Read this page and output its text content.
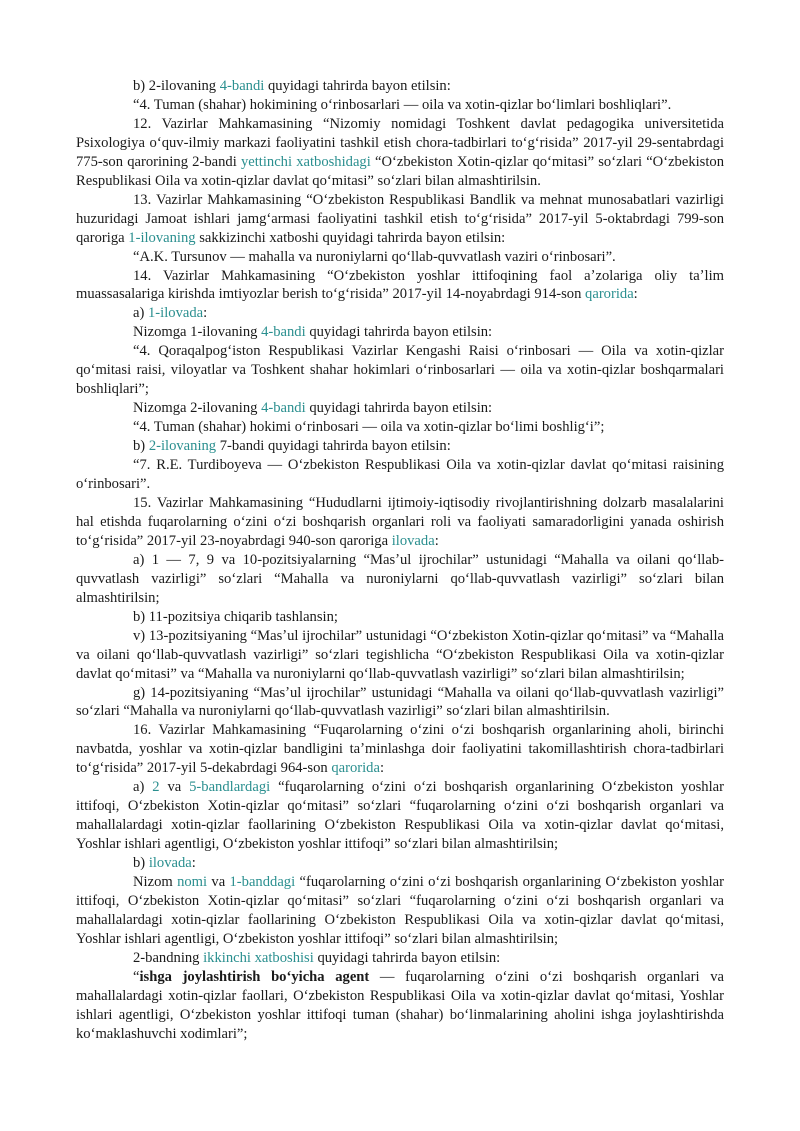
b) 2-ilovaning 4-bandi quyidagi tahrirda bayon etilsin:

“4. Tuman (shahar) hokimining oʻrinbosarlari — oila va xotin-qizlar boʻlimlari boshliqlari”.

12. Vazirlar Mahkamasining “Nizomiy nomidagi Toshkent davlat pedagogika universitetida Psixologiya oʻquv-ilmiy markazi faoliyatini tashkil etish chora-tadbirlari toʻgʻrisida” 2017-yil 29-sentabrdagi 775-son qarorining 2-bandi yettinchi xatboshidagi “Oʻzbekiston Xotin-qizlar qoʻmitasi” soʻzlari “Oʻzbekiston Respublikasi Oila va xotin-qizlar davlat qoʻmitasi” soʻzlari bilan almashtirilsin.

13. Vazirlar Mahkamasining “Oʻzbekiston Respublikasi Bandlik va mehnat munosabatlari vazirligi huzuridagi Jamoat ishlari jamgʻarmasi faoliyatini tashkil etish toʻgʻrisida” 2017-yil 5-oktabrdagi 799-son qaroriga 1-ilovaning sakkizinchi xatboshi quyidagi tahrirda bayon etilsin:

“A.K. Tursunov — mahalla va nuroniylarni qoʻllab-quvvatlash vaziri oʻrinbosari”.

14. Vazirlar Mahkamasining “Oʻzbekiston yoshlar ittifoqining faol aʼzolariga oliy taʼlim muassasalariga kirishda imtiyozlar berish toʻgʻrisida” 2017-yil 14-noyabrdagi 914-son qarorida:

a) 1-ilovada:

Nizomga 1-ilovaning 4-bandi quyidagi tahrirda bayon etilsin:

“4. Qoraqalpogʻiston Respublikasi Vazirlar Kengashi Raisi oʻrinbosari — Oila va xotin-qizlar qoʻmitasi raisi, viloyatlar va Toshkent shahar hokimlari oʻrinbosarlari — oila va xotin-qizlar boshqarmalari boshliqlari”;

Nizomga 2-ilovaning 4-bandi quyidagi tahrirda bayon etilsin:

“4. Tuman (shahar) hokimi oʻrinbosari — oila va xotin-qizlar boʻlimi boshligʻi”;

b) 2-ilovaning 7-bandi quyidagi tahrirda bayon etilsin:

“7. R.E. Turdiboyeva — Oʻzbekiston Respublikasi Oila va xotin-qizlar davlat qoʻmitasi raisining oʻrinbosari”.

15. Vazirlar Mahkamasining “Hududlarni ijtimoiy-iqtisodiy rivojlantirishning dolzarb masalalarini hal etishda fuqarolarning oʻzini oʻzi boshqarish organlari roli va faoliyati samaradorligini yanada oshirish toʻgʻrisida” 2017-yil 23-noyabrdagi 940-son qaroriga ilovada:

a) 1 — 7, 9 va 10-pozitsiyalarning “Masʼul ijrochilar” ustunidagi “Mahalla va oilani qoʻllab-quvvatlash vazirligi” soʻzlari “Mahalla va nuroniylarni qoʻllab-quvvatlash vazirligi” soʻzlari bilan almashtirilsin;

b) 11-pozitsiya chiqarib tashlansin;

v) 13-pozitsiyaning “Masʼul ijrochilar” ustunidagi “Oʻzbekiston Xotin-qizlar qoʻmitasi” va “Mahalla va oilani qoʻllab-quvvatlash vazirligi” soʻzlari tegishlicha “Oʻzbekiston Respublikasi Oila va xotin-qizlar davlat qoʻmitasi” va “Mahalla va nuroniylarni qoʻllab-quvvatlash vazirligi” soʻzlari bilan almashtirilsin;

g) 14-pozitsiyaning “Masʼul ijrochilar” ustunidagi “Mahalla va oilani qoʻllab-quvvatlash vazirligi” soʻzlari “Mahalla va nuroniylarni qoʻllab-quvvatlash vazirligi” soʻzlari bilan almashtirilsin.

16. Vazirlar Mahkamasining “Fuqarolarning oʻzini oʻzi boshqarish organlarining aholi, birinchi navbatda, yoshlar va xotin-qizlar bandligini taʼminlashga doir faoliyatini takomillashtirish chora-tadbirlari toʻgʻrisida” 2017-yil 5-dekabrdagi 964-son qarorida:

a) 2 va 5-bandlardagi “fuqarolarning oʻzini oʻzi boshqarish organlarining Oʻzbekiston yoshlar ittifoqi, Oʻzbekiston Xotin-qizlar qoʻmitasi” soʻzlari “fuqarolarning oʻzini oʻzi boshqarish organlari va mahallalardagi xotin-qizlar faollarining Oʻzbekiston Respublikasi Oila va xotin-qizlar davlat qoʻmitasi, Yoshlar ishlari agentligi, Oʻzbekiston yoshlar ittifoqi” soʻzlari bilan almashtirilsin;

b) ilovada:

Nizom nomi va 1-banddagi “fuqarolarning oʻzini oʻzi boshqarish organlarining Oʻzbekiston yoshlar ittifoqi, Oʻzbekiston Xotin-qizlar qoʻmitasi” soʻzlari “fuqarolarning oʻzini oʻzi boshqarish organlari va mahallalardagi xotin-qizlar faollarining Oʻzbekiston Respublikasi Oila va xotin-qizlar davlat qoʻmitasi, Yoshlar ishlari agentligi, Oʻzbekiston yoshlar ittifoqi” soʻzlari bilan almashtirilsin;

2-bandning ikkinchi xatboshisi quyidagi tahrirda bayon etilsin:

“ishga joylashtirish boʻyicha agent — fuqarolarning oʻzini oʻzi boshqarish organlari va mahallalardagi xotin-qizlar faollari, Oʻzbekiston Respublikasi Oila va xotin-qizlar davlat qoʻmitasi, Yoshlar ishlari agentligi, Oʻzbekiston yoshlar ittifoqi tuman (shahar) boʻlinmalarining aholini ishga joylashtirishda koʻmaklashuvchi xodimlari”;
